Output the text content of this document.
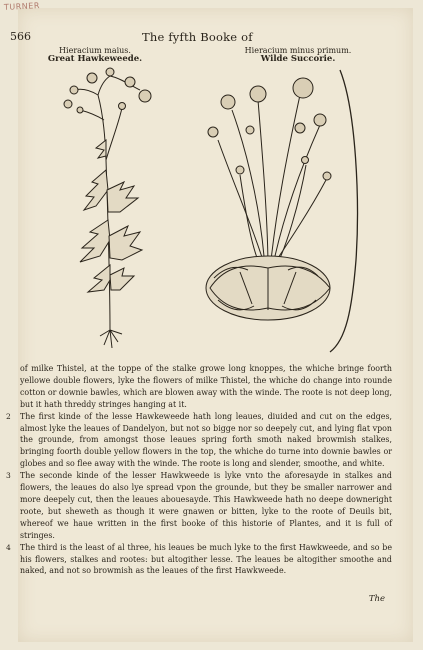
TURNER
566	The fyfth Booke of
Hieracium maius.
Great Hawkeweede.
Hieracium minus primum.
Wilde Succorie.

of milke Thistel, at the toppe of the stalke growe long knoppes, the whiche bringe foorth yellowe double flowers, lyke the flowers of milke Thistel, the whiche do change into rounde cotton or downie bawles, which are blowen away with the winde. The roote is not deep long, but it hath threddy stringes hanging at it.

2 The first kinde of the lesse Hawkeweede hath long leaues, diuided and cut on the edges, almost lyke the leaues of Dandelyon, but not so bigge nor so deepely cut, and lying flat vpon the grounde, from amongst those leaues spring forth smoth naked browmish stalkes, bringing foorth double yellow flowers in the top, the whiche do turne into downie bawles or globes and so flee away with the winde. The roote is long and slender, smoothe, and white.

3 The seconde kinde of the lesser Hawkweede is lyke vnto the aforesayde in stalkes and flowers, the leaues do also lye spread vpon the grounde, but they be smaller narrower and more deepely cut, then the leaues abouesayde. This Hawkweede hath no deepe downeright roote, but sheweth as though it were gnawen or bitten, lyke to the roote of Deuils bit, whereof we haue written in the first booke of this historie of Plantes, and it is full of stringes.

4 The third is the least of al three, his leaues be much lyke to the first Hawkweede, and so be his flowers, stalkes and rootes: but altogither lesse. The leaues be altogither smoothe and naked, and not so browmish as the leaues of the first Hawkweede.

The
